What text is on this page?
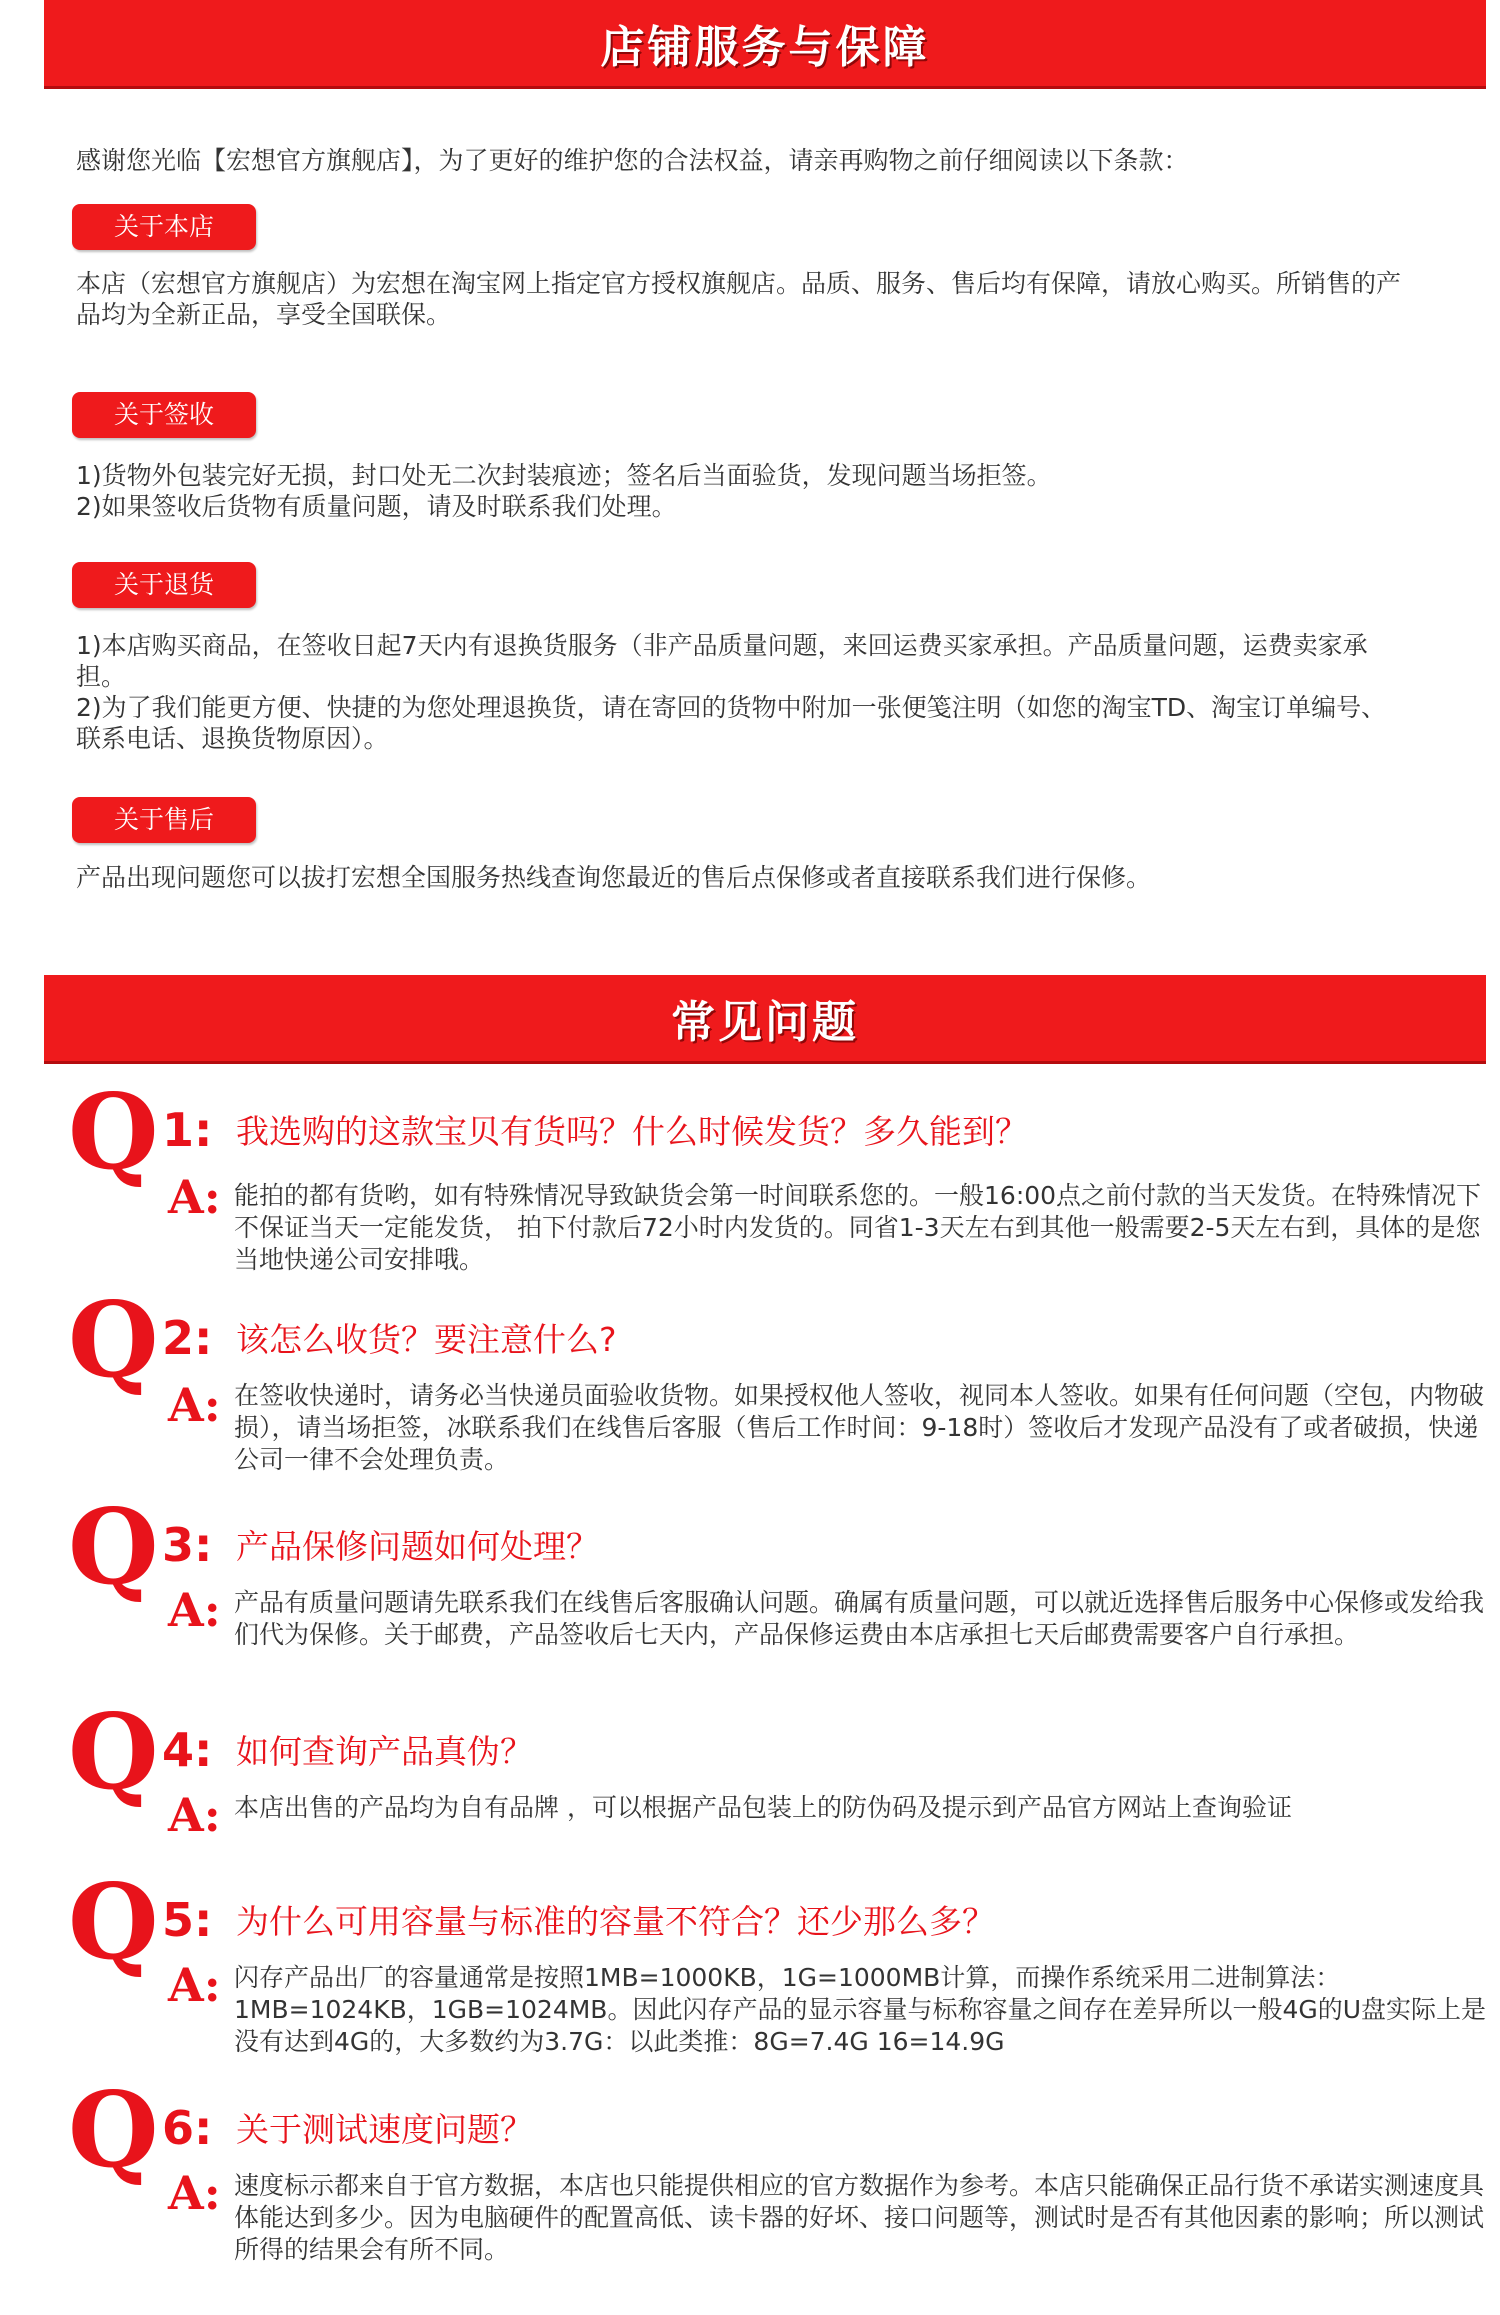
店铺服务与保障
感谢您光临【宏想官方旗舰店】，为了更好的维护您的合法权益，请亲再购物之前仔细阅读以下条款：
关于本店

本店（宏想官方旗舰店）为宏想在淘宝网上指定官方授权旗舰店。品质、服务、售后均有保障，请放心购买。所销售的产品均为全新正品，享受全国联保。

关于签收

1)货物外包装完好无损，封口处无二次封装痕迹；签名后当面验货，发现问题当场拒签。

2)如果签收后货物有质量问题，请及时联系我们处理。

关于退货

1)本店购买商品，在签收日起7天内有退换货服务（非产品质量问题，来回运费买家承担。产品质量问题，运费卖家承担。

2)为了我们能更方便、快捷的为您处理退换货，请在寄回的货物中附加一张便笺注明（如您的淘宝TD、淘宝订单编号、联系电话、退换货物原因）。

关于售后

产品出现问题您可以拔打宏想全国服务热线查询您最近的售后点保修或者直接联系我们进行保修。

常见问题
Q 1: 我选购的这款宝贝有货吗？什么时候发货？多久能到？
A: 能拍的都有货哟，如有特殊情况导致缺货会第一时间联系您的。一般16:00点之前付款的当天发货。在特殊情况下不保证当天一定能发货， 拍下付款后72小时内发货的。同省1-3天左右到其他一般需要2-5天左右到，具体的是您当地快递公司安排哦。
Q 2: 该怎么收货？要注意什么?
A: 在签收快递时，请务必当快递员面验收货物。如果授权他人签收，视同本人签收。如果有任何问题（空包，内物破损），请当场拒签，冰联系我们在线售后客服（售后工作时间：9-18时）签收后才发现产品没有了或者破损，快递公司一律不会处理负责。
Q 3: 产品保修问题如何处理？
A: 产品有质量问题请先联系我们在线售后客服确认问题。确属有质量问题，可以就近选择售后服务中心保修或发给我们代为保修。关于邮费，产品签收后七天内，产品保修运费由本店承担七天后邮费需要客户自行承担。
Q 4: 如何查询产品真伪？
A: 本店出售的产品均为自有品牌 ，可以根据产品包装上的防伪码及提示到产品官方网站上查询验证
Q 5: 为什么可用容量与标准的容量不符合？还少那么多？
A: 闪存产品出厂的容量通常是按照1MB=1000KB，1G=1000MB计算，而操作系统采用二进制算法：1MB=1024KB，1GB=1024MB。因此闪存产品的显示容量与标称容量之间存在差异所以一般4G的U盘实际上是没有达到4G的，大多数约为3.7G：以此类推：8G=7.4G 16=14.9G
Q 6: 关于测试速度问题？
A: 速度标示都来自于官方数据，本店也只能提供相应的官方数据作为参考。本店只能确保正品行货不承诺实测速度具体能达到多少。因为电脑硬件的配置高低、读卡器的好坏、接口问题等，测试时是否有其他因素的影响；所以测试所得的结果会有所不同。
